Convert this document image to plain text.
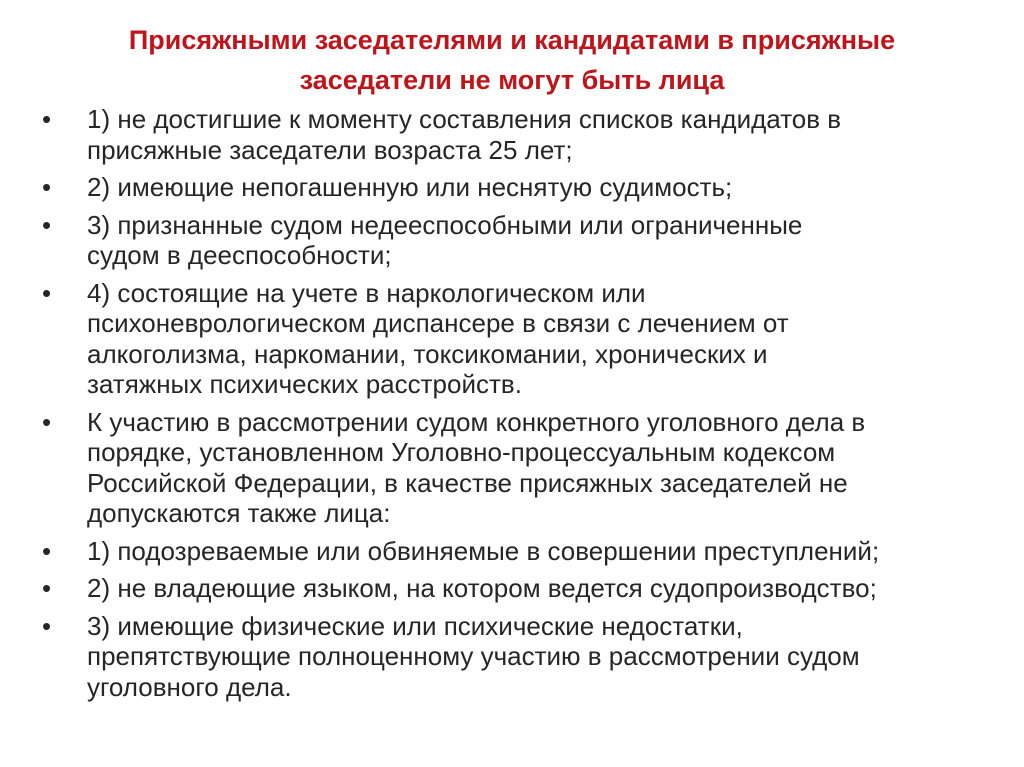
Присяжными заседателями и кандидатами в присяжные
заседатели не могут быть лица
• 1) не достигшие к моменту составления списков кандидатов в
присяжные заседатели возраста 25 лет;
• 2) имеющие непогашенную или неснятую судимость;
• 3) признанные судом недееспособными или ограниченные
судом в дееспособности;
• 4) состоящие на учете в наркологическом или
психоневрологическом диспансере в связи с лечением от
алкоголизма, наркомании, токсикомании, хронических и
затяжных психических расстройств.
• К участию в рассмотрении судом конкретного уголовного дела в
порядке, установленном Уголовно-процессуальным кодексом
Российской Федерации, в качестве присяжных заседателей не
допускаются также лица:
• 1) подозреваемые или обвиняемые в совершении преступлений;
• 2) не владеющие языком, на котором ведется судопроизводство;
• 3) имеющие физические или психические недостатки,
препятствующие полноценному участию в рассмотрении судом
уголовного дела.
